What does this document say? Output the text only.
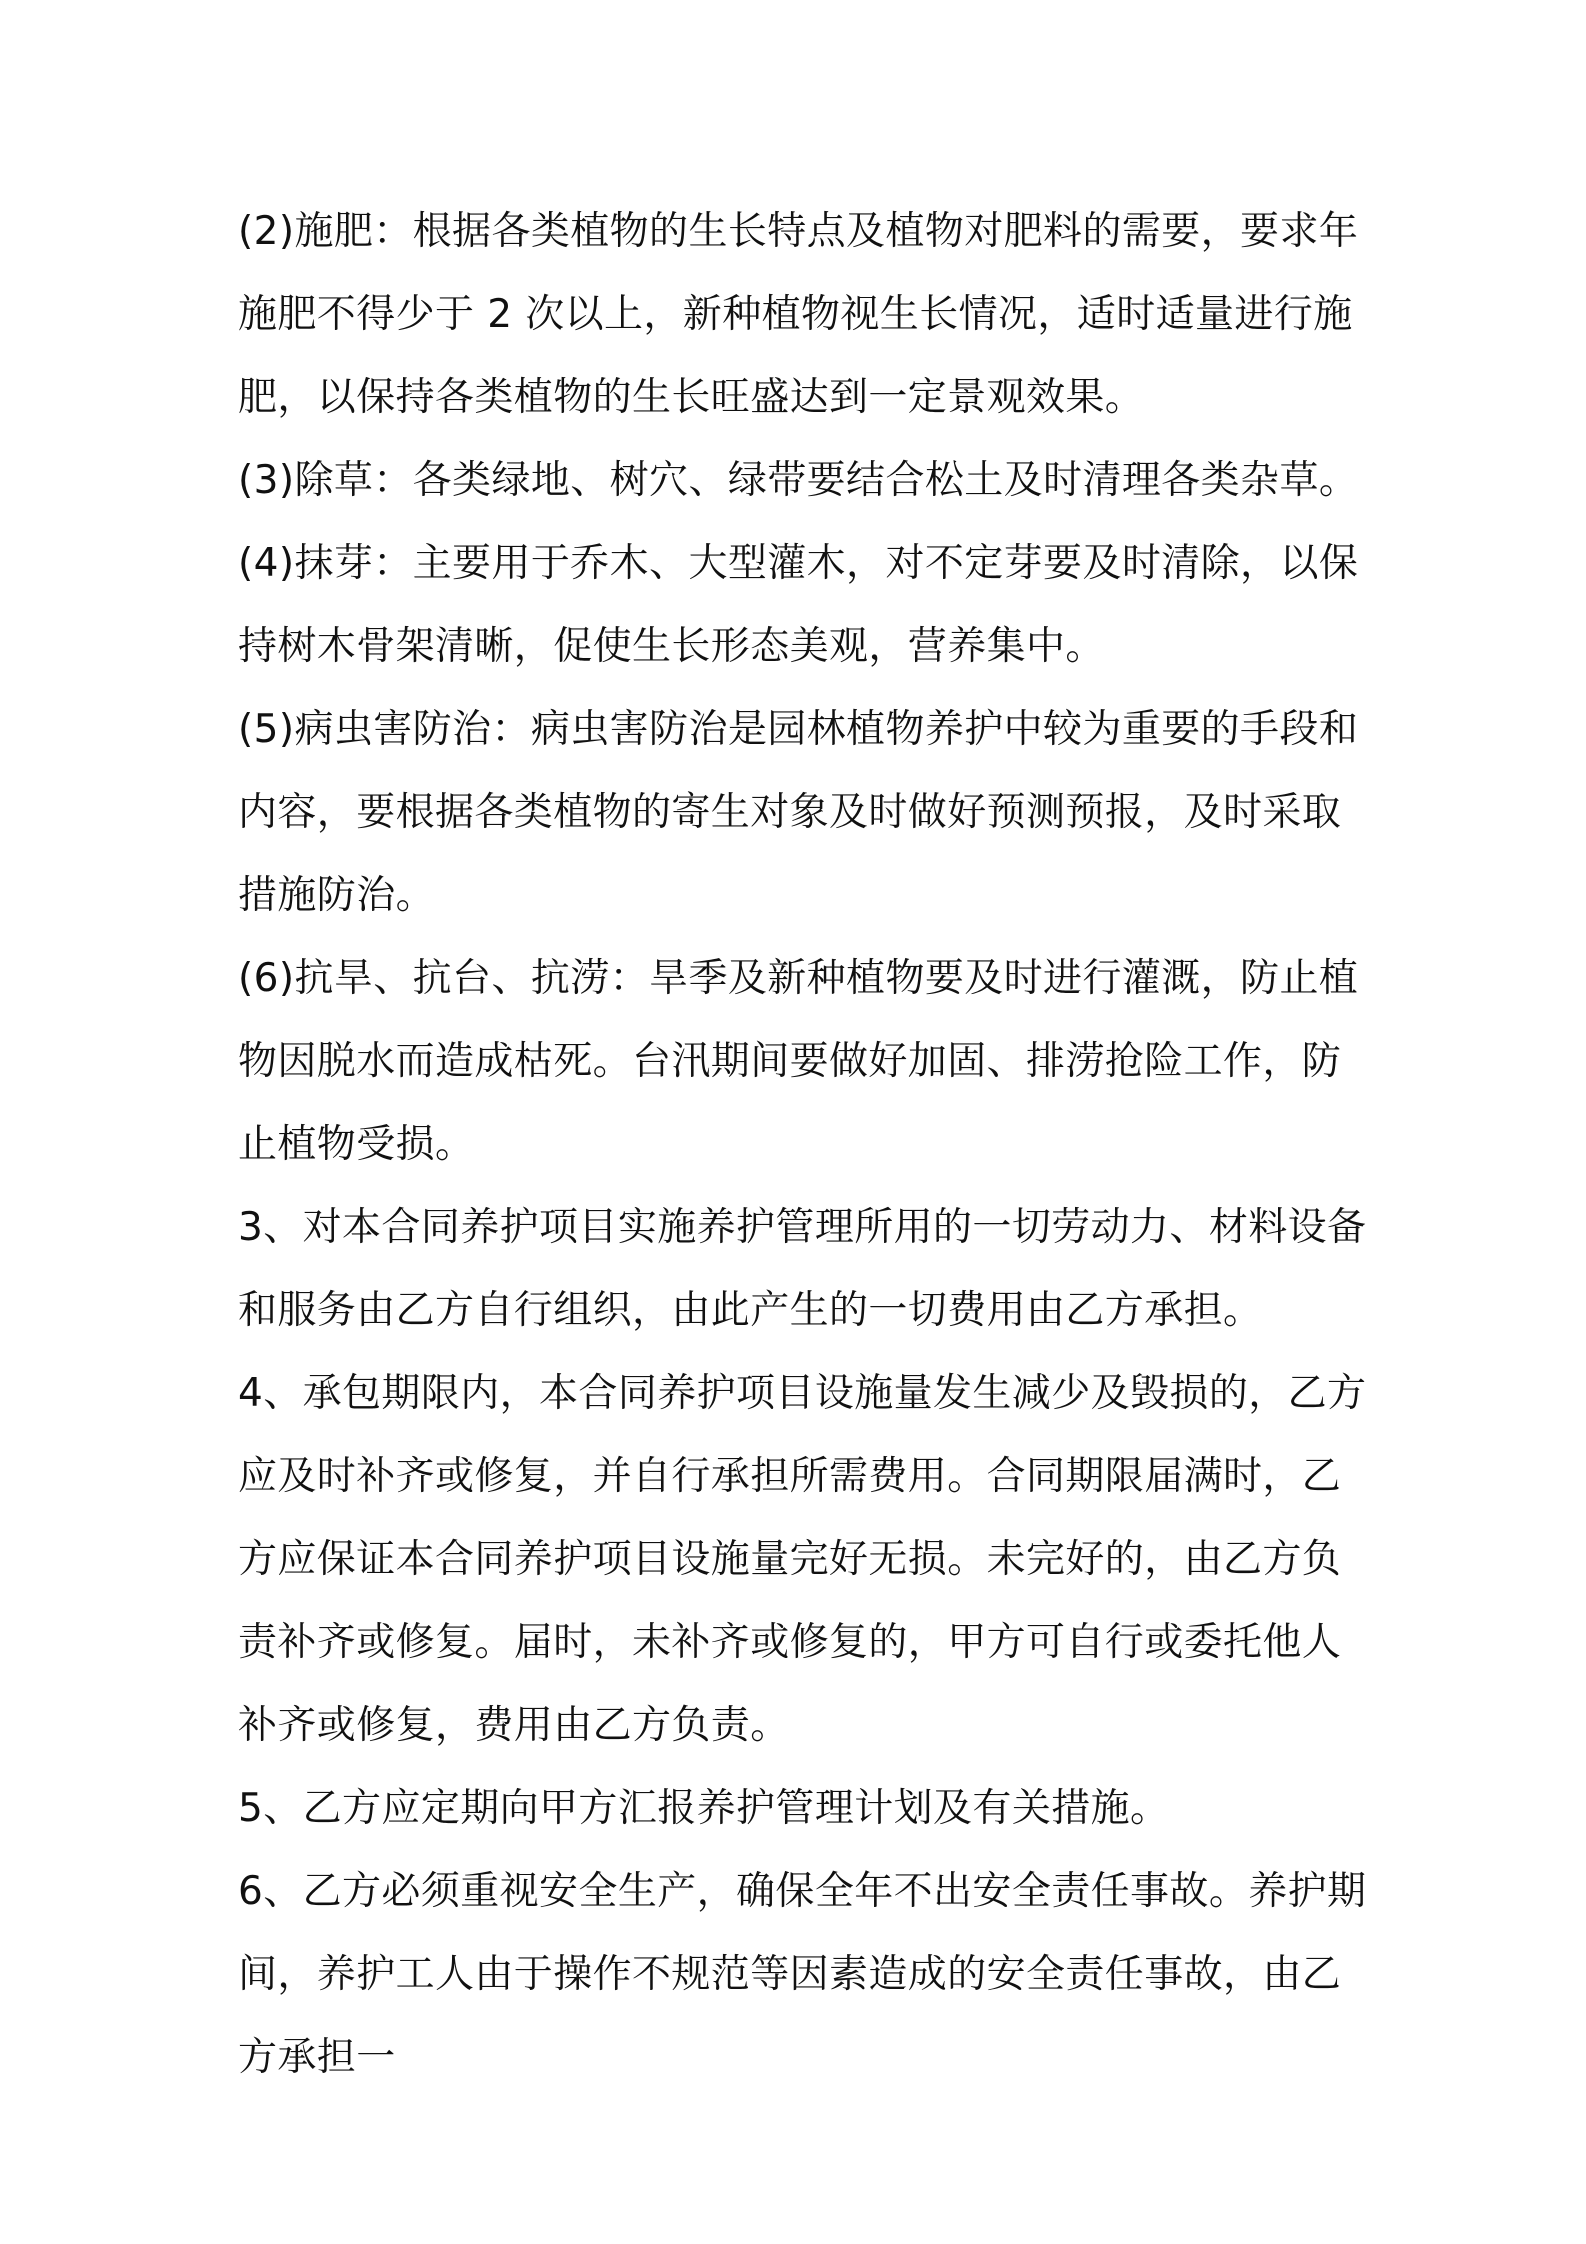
(2)施肥：根据各类植物的生长特点及植物对肥料的需要，要求年施肥不得少于 2 次以上，新种植物视生长情况，适时适量进行施肥，以保持各类植物的生长旺盛达到一定景观效果。

(3)除草：各类绿地、树穴、绿带要结合松土及时清理各类杂草。

(4)抹芽：主要用于乔木、大型灌木，对不定芽要及时清除，以保持树木骨架清晰，促使生长形态美观，营养集中。

(5)病虫害防治：病虫害防治是园林植物养护中较为重要的手段和内容，要根据各类植物的寄生对象及时做好预测预报，及时采取措施防治。

(6)抗旱、抗台、抗涝：旱季及新种植物要及时进行灌溉，防止植物因脱水而造成枯死。台汛期间要做好加固、排涝抢险工作，防止植物受损。

3、对本合同养护项目实施养护管理所用的一切劳动力、材料设备和服务由乙方自行组织，由此产生的一切费用由乙方承担。

4、承包期限内，本合同养护项目设施量发生减少及毁损的，乙方应及时补齐或修复，并自行承担所需费用。合同期限届满时，乙方应保证本合同养护项目设施量完好无损。未完好的，由乙方负责补齐或修复。届时，未补齐或修复的，甲方可自行或委托他人补齐或修复，费用由乙方负责。

5、乙方应定期向甲方汇报养护管理计划及有关措施。

6、乙方必须重视安全生产，确保全年不出安全责任事故。养护期间，养护工人由于操作不规范等因素造成的安全责任事故，由乙方承担一
